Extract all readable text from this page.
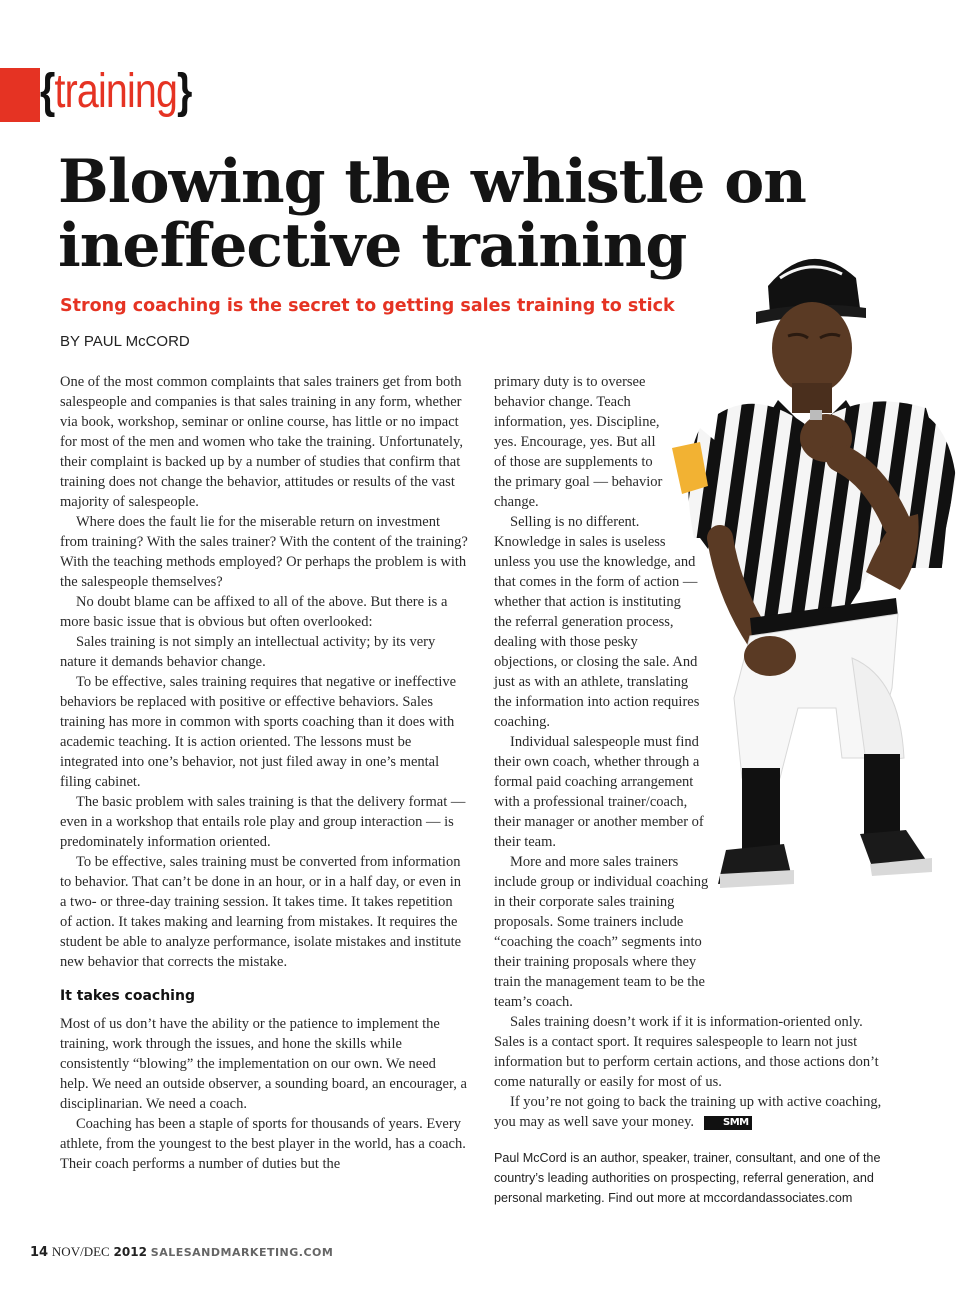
{training}
Blowing the whistle on
ineffective training
Strong coaching is the secret to getting sales training to stick
BY PAUL McCORD

One of the most common complaints that sales trainers get from both salespeople and companies is that sales training in any form, whether via book, workshop, seminar or online course, has little or no impact for most of the men and women who take the training. Unfortunately, their complaint is backed up by a number of studies that confirm that training does not change the behavior, attitudes or results of the vast majority of salespeople.

Where does the fault lie for the miserable return on investment from training? With the sales trainer? With the content of the training? With the teaching methods employed? Or perhaps the problem is with the salespeople themselves?

No doubt blame can be affixed to all of the above. But there is a more basic issue that is obvious but often overlooked:

Sales training is not simply an intellectual activity; by its very nature it demands behavior change.

To be effective, sales training requires that negative or ineffective behaviors be replaced with positive or effective behaviors. Sales training has more in common with sports coaching than it does with academic teaching. It is action oriented. The lessons must be integrated into one’s behavior, not just filed away in one’s mental filing cabinet.

The basic problem with sales training is that the delivery format — even in a workshop that entails role play and group interaction — is predominately information oriented.

To be effective, sales training must be converted from information to behavior. That can’t be done in an hour, or in a half day, or even in a two- or three-day training session. It takes time. It takes repetition of action. It takes making and learning from mistakes. It requires the student be able to analyze performance, isolate mistakes and institute new behavior that corrects the mistake.

It takes coaching

Most of us don’t have the ability or the patience to implement the training, work through the issues, and hone the skills while consistently “blowing” the implementation on our own. We need help. We need an outside observer, a sounding board, an encourager, a disciplinarian. We need a coach.

Coaching has been a staple of sports for thousands of years. Every athlete, from the youngest to the best player in the world, has a coach. Their coach performs a number of duties but the

primary duty is to oversee behavior change. Teach information, yes. Discipline, yes. Encourage, yes. But all of those are supplements to the primary goal — behavior change.

Selling is no different. Knowledge in sales is useless unless you use the knowledge, and that comes in the form of action — whether that action is instituting the referral generation process, dealing with those pesky objections, or closing the sale. And just as with an athlete, translating the information into action requires coaching.

Individual salespeople must find their own coach, whether through a formal paid coaching arrangement with a professional trainer/coach, their manager or another member of their team.

More and more sales trainers include group or individual coaching in their corporate sales training proposals. Some trainers include “coaching the coach” segments into their training proposals where they train the management team to be the team’s coach.

Sales training doesn’t work if it is information-oriented only. Sales is a contact sport. It requires salespeople to learn not just information but to perform certain actions, and those actions don’t come naturally or easily for most of us.

If you’re not going to back the training up with active coaching, you may as well save your money.	SMM

Paul McCord is an author, speaker, trainer, consultant, and one of the country’s leading authorities on prospecting, referral generation, and personal marketing. Find out more at mccordandassociates.com

14 NOV/DEC 2012 SALESANDMARKETING.COM
